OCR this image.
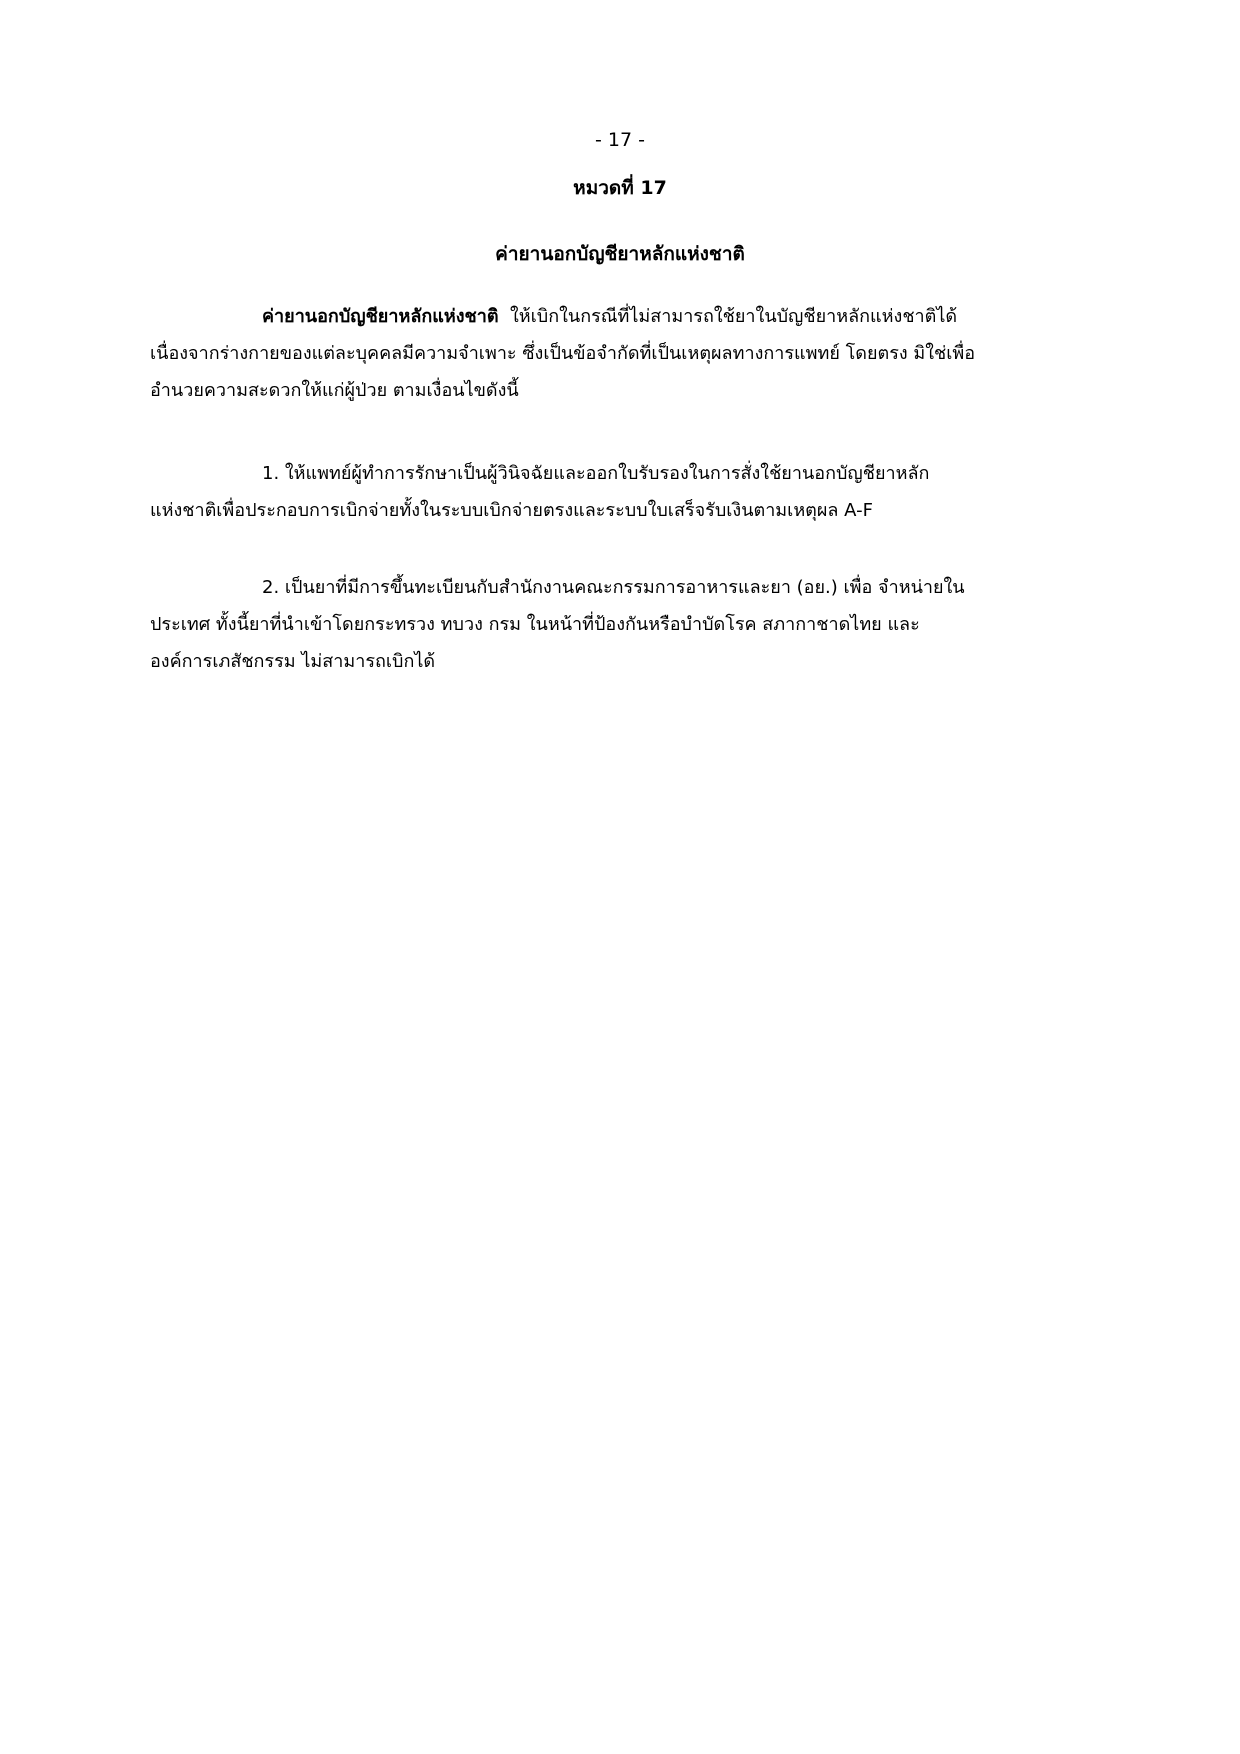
- 17 -
หมวดที่ 17
ค่ายานอกบัญชียาหลักแห่งชาติ
ค่ายานอกบัญชียาหลักแห่งชาติ ให้เบิกในกรณีที่ไม่สามารถใช้ยาในบัญชียาหลักแห่งชาติได้
เนื่องจากร่างกายของแต่ละบุคคลมีความจำเพาะ ซึ่งเป็นข้อจำกัดที่เป็นเหตุผลทางการแพทย์ โดยตรง มิใช่เพื่อ
อำนวยความสะดวกให้แก่ผู้ป่วย ตามเงื่อนไขดังนี้
1. ให้แพทย์ผู้ทำการรักษาเป็นผู้วินิจฉัยและออกใบรับรองในการสั่งใช้ยานอกบัญชียาหลัก
แห่งชาติเพื่อประกอบการเบิกจ่ายทั้งในระบบเบิกจ่ายตรงและระบบใบเสร็จรับเงินตามเหตุผล A-F
2. เป็นยาที่มีการขึ้นทะเบียนกับสำนักงานคณะกรรมการอาหารและยา (อย.) เพื่อ จำหน่ายใน
ประเทศ ทั้งนี้ยาที่นำเข้าโดยกระทรวง ทบวง กรม ในหน้าที่ป้องกันหรือบำบัดโรค สภากาชาดไทย และ
องค์การเภสัชกรรม ไม่สามารถเบิกได้
